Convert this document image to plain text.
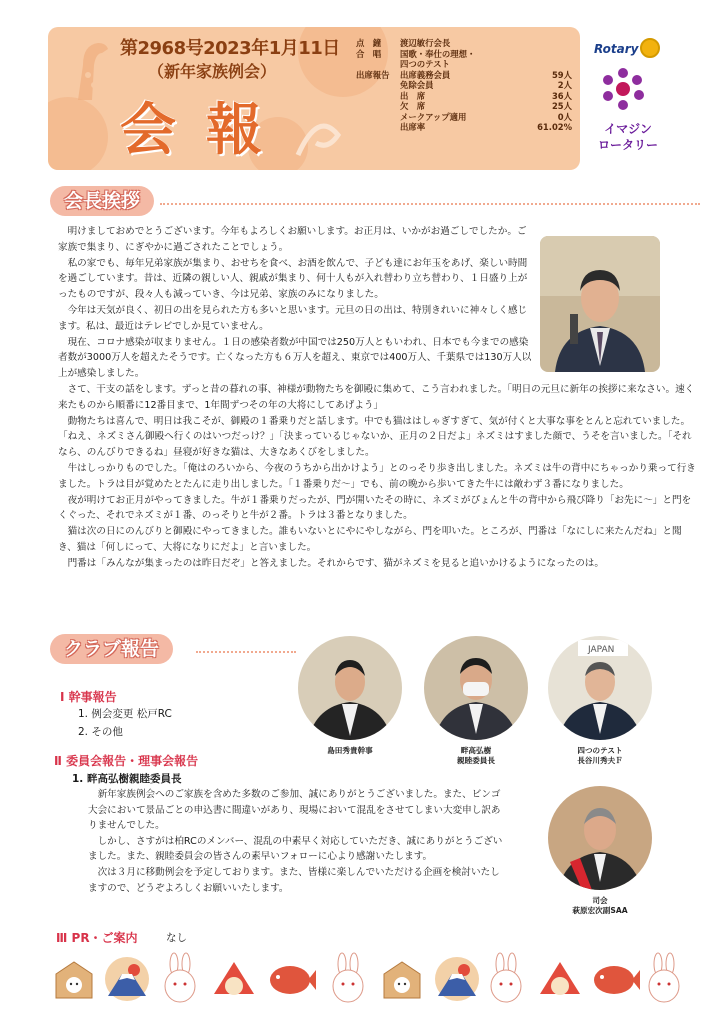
第2968号2023年1月11日
（新年家族例会）
会報
点　鐘	渡辺敏行会長
合　唱	国歌・奉仕の理想・
四つのテスト
出席報告	出席義務会員	59人
免除会員	2人
出　席	36人
欠　席	25人
メークアップ適用	0人
出席率	61.02%
Rotary
イマジン
ロータリー
会長挨拶

明けましておめでとうございます。今年もよろしくお願いします。お正月は、いかがお過ごしでしたか。ご家族で集まり、にぎやかに過ごされたことでしょう。

私の家でも、毎年兄弟家族が集まり、おせちを食べ、お酒を飲んで、子ども達にお年玉をあげ、楽しい時間を過ごしています。昔は、近隣の親しい人、親戚が集まり、何十人もが入れ替わり立ち替わり、１日盛り上がったものですが、段々人も減っていき、今は兄弟、家族のみになりました。

今年は天気が良く、初日の出を見られた方も多いと思います。元旦の日の出は、特別きれいに神々しく感じます。私は、最近はテレビでしか見ていません。

現在、コロナ感染が収まりません。１日の感染者数が中国では250万人ともいわれ、日本でも今までの感染者数が3000万人を超えたそうです。亡くなった方も６万人を超え、東京では400万人、千葉県では130万人以上が感染しました。

さて、干支の話をします。ずっと昔の暮れの事、神様が動物たちを御殿に集めて、こう言われました。「明日の元旦に新年の挨拶に来なさい。速く来たものから順番に12番目まで、1年間ずつその年の大将にしてあげよう」

動物たちは喜んで、明日は我こそが、御殿の１番乗りだと話します。中でも猫ははしゃぎすぎて、気が付くと大事な事をとんと忘れていました。「ねえ、ネズミさん御殿へ行くのはいつだっけ？」「決まっているじゃないか、正月の２日だよ」ネズミはすました顔で、うそを言いました。「それなら、のんびりできるね」昼寝が好きな猫は、大きなあくびをしました。

牛はしっかりものでした。「俺はのろいから、今夜のうちから出かけよう」とのっそり歩き出しました。ネズミは牛の背中にちゃっかり乗って行きました。トラは目が覚めたとたんに走り出しました。「１番乗りだ～」でも、前の晩から歩いてきた牛には敵わず３番になりました。

夜が明けてお正月がやってきました。牛が１番乗りだったが、門が開いたその時に、ネズミがぴょんと牛の背中から飛び降り「お先に～」と門をくぐった、それでネズミが１番、のっそりと牛が２番。トラは３番となりました。

猫は次の日にのんびりと御殿にやってきました。誰もいないとにやにやしながら、門を叩いた。ところが、門番は「なにしに来たんだね」と聞き、猫は「何しにって、大将になりにだよ」と言いました。

門番は「みんなが集まったのは昨日だぞ」と答えました。それからです、猫がネズミを見ると追いかけるようになったのは。

クラブ報告
Ⅰ 幹事報告
1. 例会変更 松戸RC
2. その他
Ⅱ 委員会報告・理事会報告
1. 畔高弘樹親睦委員長

新年家族例会へのご家族を含めた多数のご参加、誠にありがとうございました。また、ビンゴ大会において景品ごとの申込書に間違いがあり、現場において混乱をさせてしまい大変申し訳ありませんでした。

しかし、さすがは柏RCのメンバー、混乱の中素早く対応していただき、誠にありがとうございました。また、親睦委員会の皆さんの素早いフォローに心より感謝いたします。

次は３月に移動例会を予定しております。また、皆様に楽しんでいただける企画を検討いたしますので、どうぞよろしくお願いいたします。

Ⅲ PR・ご案内	なし
JAPAN
島田秀貴幹事	畔高弘樹
親睦委員長
四つのテスト
長谷川秀夫Ｆ
司会
萩原宏次副SAA
